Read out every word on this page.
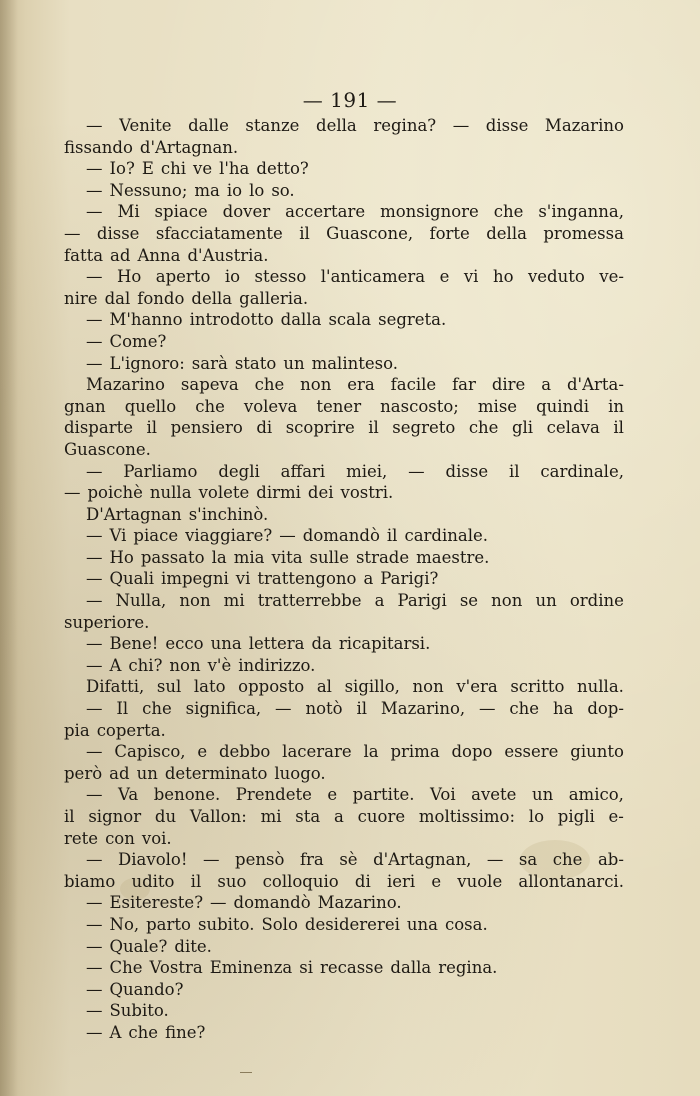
— 191 —
— Venite dalle stanze della regina? — disse Mazarino
fissando d'Artagnan.
— Io? E chi ve l'ha detto?
— Nessuno; ma io lo so.
— Mi spiace dover accertare monsignore che s'inganna,
— disse sfacciatamente il Guascone, forte della promessa
fatta ad Anna d'Austria.
— Ho aperto io stesso l'anticamera e vi ho veduto ve-
nire dal fondo della galleria.
— M'hanno introdotto dalla scala segreta.
— Come?
— L'ignoro: sarà stato un malinteso.
Mazarino sapeva che non era facile far dire a d'Arta-
gnan quello che voleva tener nascosto; mise quindi in
disparte il pensiero di scoprire il segreto che gli celava il
Guascone.
— Parliamo degli affari miei, — disse il cardinale,
— poichè nulla volete dirmi dei vostri.
D'Artagnan s'inchinò.
— Vi piace viaggiare? — domandò il cardinale.
— Ho passato la mia vita sulle strade maestre.
— Quali impegni vi trattengono a Parigi?
— Nulla, non mi tratterrebbe a Parigi se non un ordine
superiore.
— Bene! ecco una lettera da ricapitarsi.
— A chi? non v'è indirizzo.
Difatti, sul lato opposto al sigillo, non v'era scritto nulla.
— Il che significa, — notò il Mazarino, — che ha dop-
pia coperta.
— Capisco, e debbo lacerare la prima dopo essere giunto
però ad un determinato luogo.
— Va benone. Prendete e partite. Voi avete un amico,
il signor du Vallon: mi sta a cuore moltissimo: lo pigli e-
rete con voi.
— Diavolo! — pensò fra sè d'Artagnan, — sa che ab-
biamo udito il suo colloquio di ieri e vuole allontanarci.
— Esitereste? — domandò Mazarino.
— No, parto subito. Solo desidererei una cosa.
— Quale? dite.
— Che Vostra Eminenza si recasse dalla regina.
— Quando?
— Subito.
— A che fine?
